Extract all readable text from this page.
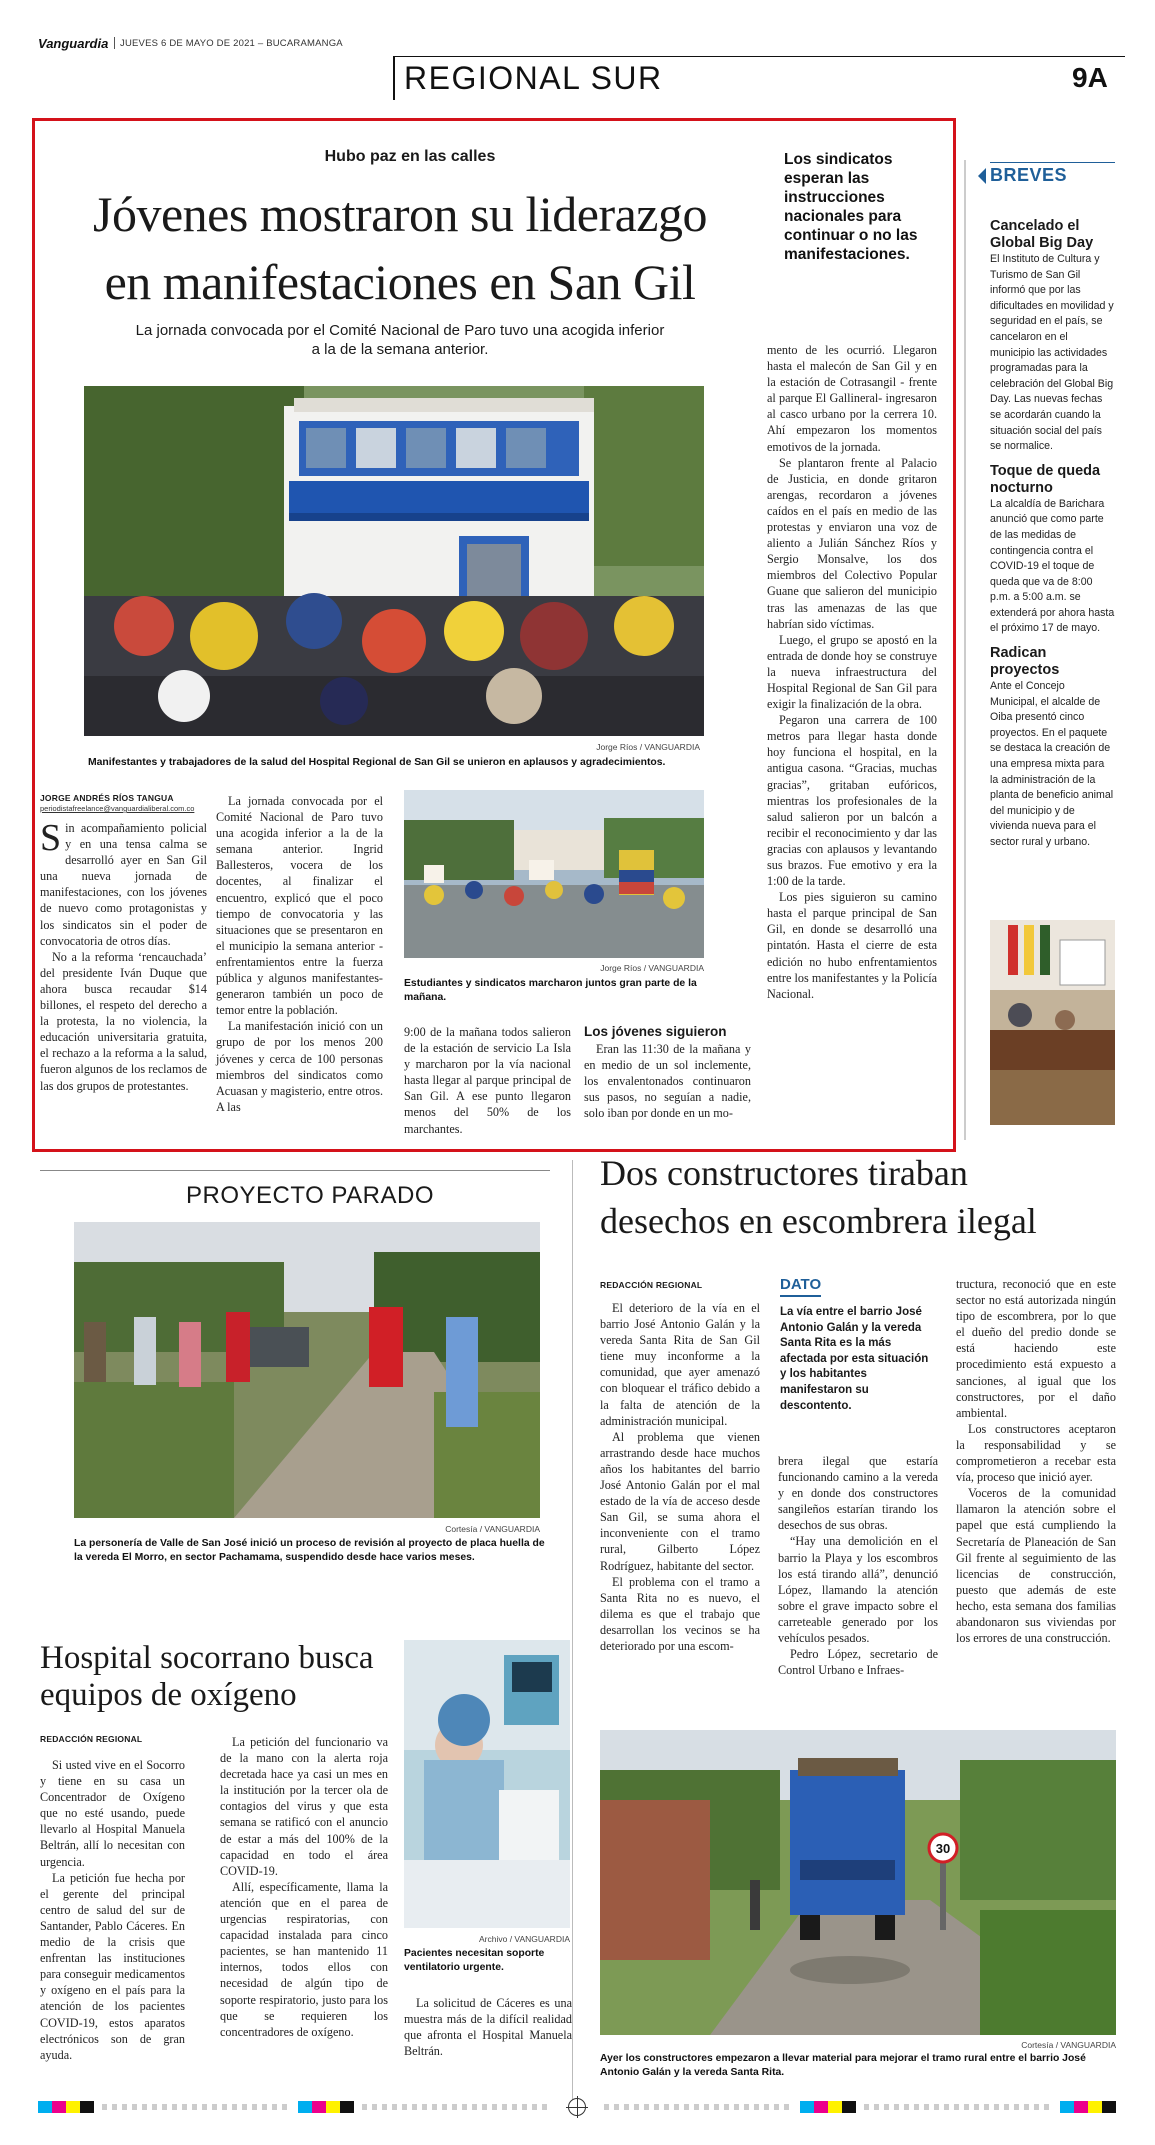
Vanguardia JUEVES 6 DE MAYO DE 2021 – BUCARAMANGA
REGIONAL SUR	9A
Hubo paz en las calles
Jóvenes mostraron su liderazgo
en manifestaciones en San Gil
La jornada convocada por el Comité Nacional de Paro tuvo una acogida inferior
a la de la semana anterior.
Los sindicatos esperan las instrucciones nacionales para continuar o no las manifestaciones.
Jorge Ríos / VANGUARDIA
Manifestantes y trabajadores de la salud del Hospital Regional de San Gil se unieron en aplausos y agradecimientos.
JORGE ANDRÉS RÍOS TANGUA
periodistafreelance@vanguardialiberal.com.co

Sin acompañamiento policial y en una tensa calma se desarrolló ayer en San Gil una nueva jornada de manifestaciones, con los jóvenes de nuevo como protagonistas y los sindicatos sin el poder de convocatoria de otros días.

No a la reforma ‘rencauchada’ del presidente Iván Duque que ahora busca recaudar $14 billones, el respeto del derecho a la protesta, la no violencia, la educación universitaria gratuita, el rechazo a la reforma a la salud, fueron algunos de los reclamos de las dos grupos de protestantes.

La jornada convocada por el Comité Nacional de Paro tuvo una acogida inferior a la de la semana anterior. Ingrid Ballesteros, vocera de los docentes, al finalizar el encuentro, explicó que el poco tiempo de convocatoria y las situaciones que se presentaron en el municipio la semana anterior - enfrentamientos entre la fuerza pública y algunos manifestantes- generaron también un poco de temor entre la población.

La manifestación inició con un grupo de por los menos 200 jóvenes y cerca de 100 personas miembros del sindicatos como Acuasan y magisterio, entre otros. A las

Jorge Ríos / VANGUARDIA
Estudiantes y sindicatos marcharon juntos gran parte de la mañana.

9:00 de la mañana todos salieron de la estación de servicio La Isla y marcharon por la vía nacional hasta llegar al parque principal de San Gil. A ese punto llegaron menos del 50% de los marchantes.

Los jóvenes siguieron

Eran las 11:30 de la mañana y en medio de un sol inclemente, los envalentonados continuaron sus pasos, no seguían a nadie, solo iban por donde en un mo-

mento de les ocurrió. Llegaron hasta el malecón de San Gil y en la estación de Cotrasangil - frente al parque El Gallineral- ingresaron al casco urbano por la cerrera 10. Ahí empezaron los momentos emotivos de la jornada.

Se plantaron frente al Palacio de Justicia, en donde gritaron arengas, recordaron a jóvenes caídos en el país en medio de las protestas y enviaron una voz de aliento a Julián Sánchez Ríos y Sergio Monsalve, los dos miembros del Colectivo Popular Guane que salieron del municipio tras las amenazas de las que habrían sido víctimas.

Luego, el grupo se apostó en la entrada de donde hoy se construye la nueva infraestructura del Hospital Regional de San Gil para exigir la finalización de la obra.

Pegaron una carrera de 100 metros para llegar hasta donde hoy funciona el hospital, en la antigua casona. “Gracias, muchas gracias”, gritaban eufóricos, mientras los profesionales de la salud salieron por un balcón a recibir el reconocimiento y dar las gracias con aplausos y levantando sus brazos. Fue emotivo y era la 1:00 de la tarde.

Los pies siguieron su camino hasta el parque principal de San Gil, en donde se desarrolló una pintatón. Hasta el cierre de esta edición no hubo enfrentamientos entre los manifestantes y la Policía Nacional.

BREVES
Cancelado el Global Big Day
El Instituto de Cultura y Turismo de San Gil informó que por las dificultades en movilidad y seguridad en el país, se cancelaron en el municipio las actividades programadas para la celebración del Global Big Day. Las nuevas fechas se acordarán cuando la situación social del país se normalice.
Toque de queda nocturno
La alcaldía de Barichara anunció que como parte de las medidas de contingencia contra el COVID-19 el toque de queda que va de 8:00 p.m. a 5:00 a.m. se extenderá por ahora hasta el próximo 17 de mayo.
Radican proyectos
Ante el Concejo Municipal, el alcalde de Oiba presentó cinco proyectos. En el paquete se destaca la creación de una empresa mixta para la administración de la planta de beneficio animal del municipio y de vivienda nueva para el sector rural y urbano.
PROYECTO PARADO
Cortesía / VANGUARDIA
La personería de Valle de San José inició un proceso de revisión al proyecto de placa huella de la vereda El Morro, en sector Pachamama, suspendido desde hace varios meses.
Hospital socorrano busca
equipos de oxígeno
REDACCIÓN REGIONAL

Si usted vive en el Socorro y tiene en su casa un Concentrador de Oxígeno que no esté usando, puede llevarlo al Hospital Manuela Beltrán, allí lo necesitan con urgencia.

La petición fue hecha por el gerente del principal centro de salud del sur de Santander, Pablo Cáceres. En medio de la crisis que enfrentan las instituciones para conseguir medicamentos y oxígeno en el país para la atención de los pacientes COVID-19, estos aparatos electrónicos son de gran ayuda.

La petición del funcionario va de la mano con la alerta roja decretada hace ya casi un mes en la institución por la tercer ola de contagios del virus y que esta semana se ratificó con el anuncio de estar a más del 100% de la capacidad en todo el área COVID-19.

Allí, específicamente, llama la atención que en el parea de urgencias respiratorias, con capacidad instalada para cinco pacientes, se han mantenido 11 internos, todos ellos con necesidad de algún tipo de soporte respiratorio, justo para los que se requieren los concentradores de oxígeno.

Archivo / VANGUARDIA
Pacientes necesitan soporte ventilatorio urgente.

La solicitud de Cáceres es una muestra más de la difícil realidad que afronta el Hospital Manuela Beltrán.

Dos constructores tiraban
desechos en escombrera ilegal
REDACCIÓN REGIONAL

El deterioro de la vía en el barrio José Antonio Galán y la vereda Santa Rita de San Gil tiene muy inconforme a la comunidad, que ayer amenazó con bloquear el tráfico debido a la falta de atención de la administración municipal.

Al problema que vienen arrastrando desde hace muchos años los habitantes del barrio José Antonio Galán por el mal estado de la vía de acceso desde San Gil, se suma ahora el inconveniente con el tramo rural, Gilberto López Rodríguez, habitante del sector.

El problema con el tramo a Santa Rita no es nuevo, el dilema es que el trabajo que desarrollan los vecinos se ha deteriorado por una escom-

DATO
La vía entre el barrio José Antonio Galán y la vereda Santa Rita es la más afectada por esta situación y los habitantes manifestaron su descontento.

brera ilegal que estaría funcionando camino a la vereda y en donde dos constructores sangileños estarían tirando los desechos de sus obras.

“Hay una demolición en el barrio la Playa y los escombros los está tirando allá”, denunció López, llamando la atención sobre el grave impacto sobre el carreteable generado por los vehículos pesados.

Pedro López, secretario de Control Urbano e Infraes-

tructura, reconoció que en este sector no está autorizada ningún tipo de escombrera, por lo que el dueño del predio donde se está haciendo este procedimiento está expuesto a sanciones, al igual que los constructores, por el daño ambiental.

Los constructores aceptaron la responsabilidad y se comprometieron a recebar esta vía, proceso que inició ayer.

Voceros de la comunidad llamaron la atención sobre el papel que está cumpliendo la Secretaría de Planeación de San Gil frente al seguimiento de las licencias de construcción, puesto que además de este hecho, esta semana dos familias abandonaron sus viviendas por los errores de una construcción.

30
Cortesía / VANGUARDIA
Ayer los constructores empezaron a llevar material para mejorar el tramo rural entre el barrio José Antonio Galán y la vereda Santa Rita.
